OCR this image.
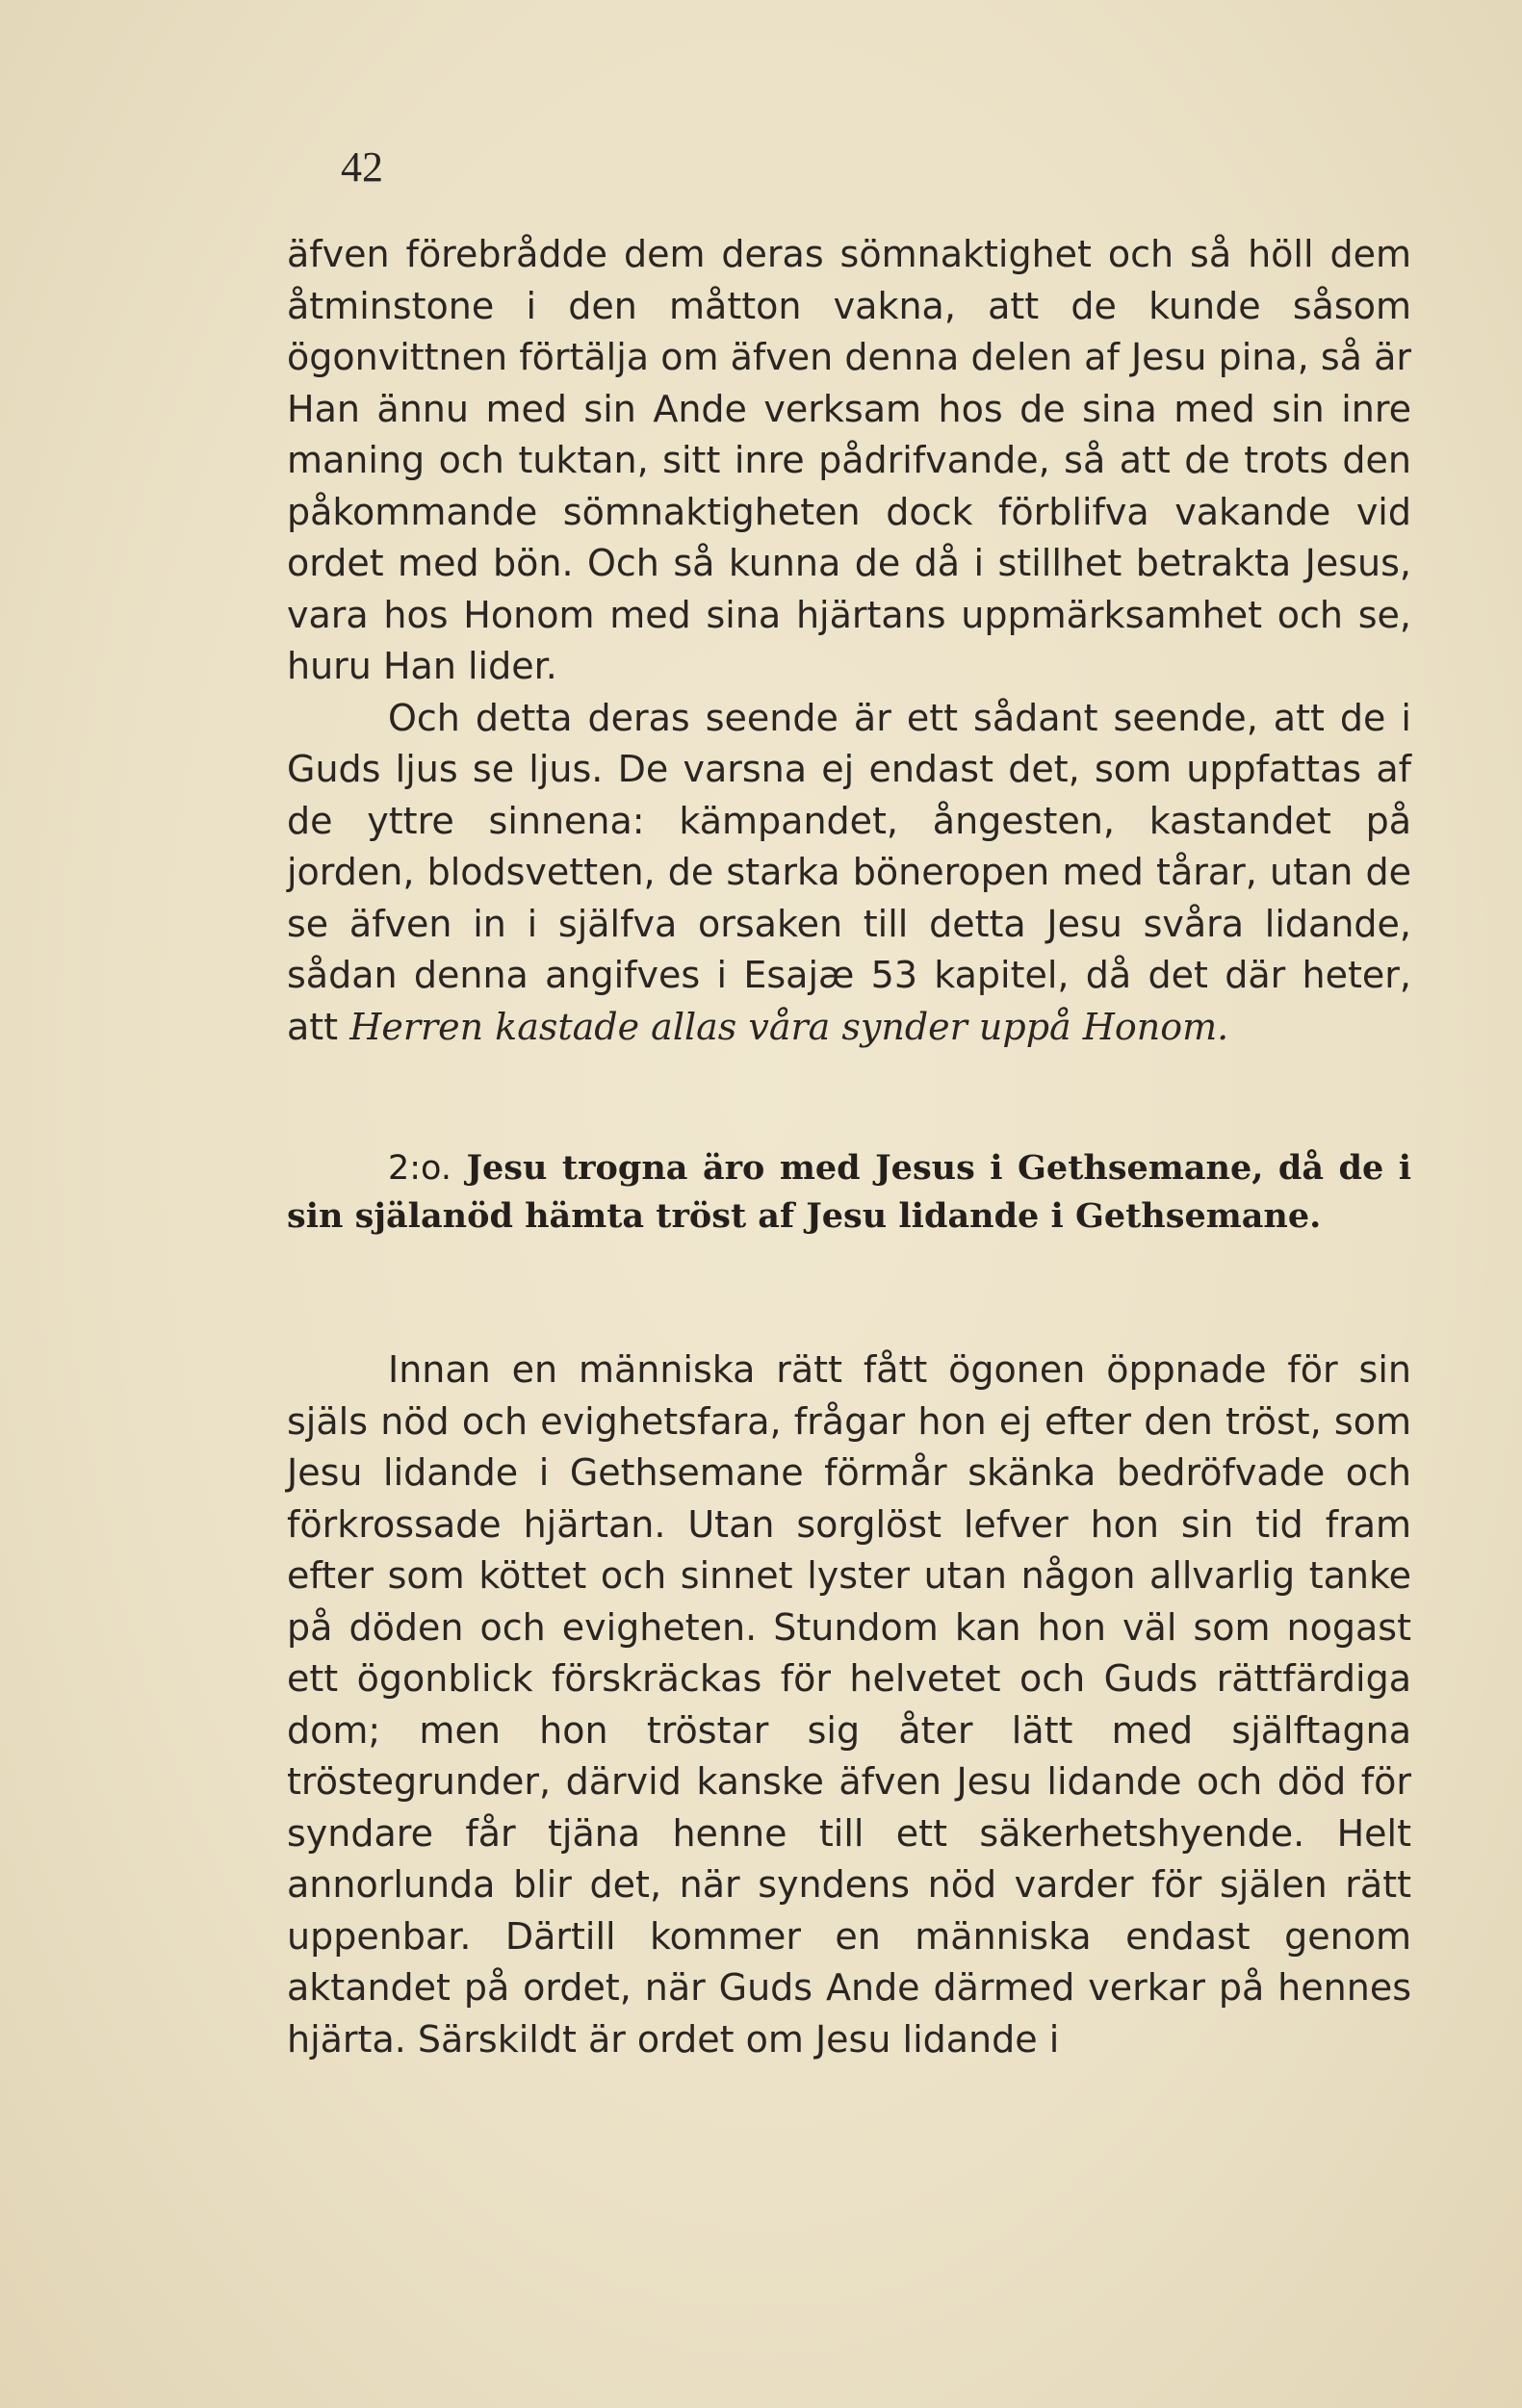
42

äfven förebrådde dem deras sömnaktighet och så höll dem åtminstone i den måtton vakna, att de kunde såsom ögonvittnen förtälja om äfven denna delen af Jesu pina, så är Han ännu med sin Ande verksam hos de sina med sin inre maning och tuktan, sitt inre pådrifvande, så att de trots den påkommande sömnaktigheten dock förblifva vakande vid ordet med bön. Och så kunna de då i stillhet betrakta Jesus, vara hos Honom med sina hjärtans uppmärksamhet och se, huru Han lider.

Och detta deras seende är ett sådant seende, att de i Guds ljus se ljus. De varsna ej endast det, som uppfattas af de yttre sinnena: kämpandet, ångesten, kastandet på jorden, blodsvetten, de starka böneropen med tårar, utan de se äfven in i själfva orsaken till detta Jesu svåra lidande, sådan denna angifves i Esajæ 53 kapitel, då det där heter, att Herren kastade allas våra synder uppå Honom.

2:o. Jesu trogna äro med Jesus i Gethsemane, då de i sin själanöd hämta tröst af Jesu lidande i Gethsemane.

Innan en människa rätt fått ögonen öppnade för sin själs nöd och evighetsfara, frågar hon ej efter den tröst, som Jesu lidande i Gethsemane förmår skänka bedröfvade och förkrossade hjärtan. Utan sorglöst lefver hon sin tid fram efter som köttet och sinnet lyster utan någon allvarlig tanke på döden och evigheten. Stundom kan hon väl som nogast ett ögonblick förskräckas för helvetet och Guds rättfärdiga dom; men hon tröstar sig åter lätt med själftagna tröstegrunder, därvid kanske äfven Jesu lidande och död för syndare får tjäna henne till ett säkerhetshyende. Helt annorlunda blir det, när syndens nöd varder för själen rätt uppenbar. Därtill kommer en människa endast genom aktandet på ordet, när Guds Ande därmed verkar på hennes hjärta. Särskildt är ordet om Jesu lidande i
